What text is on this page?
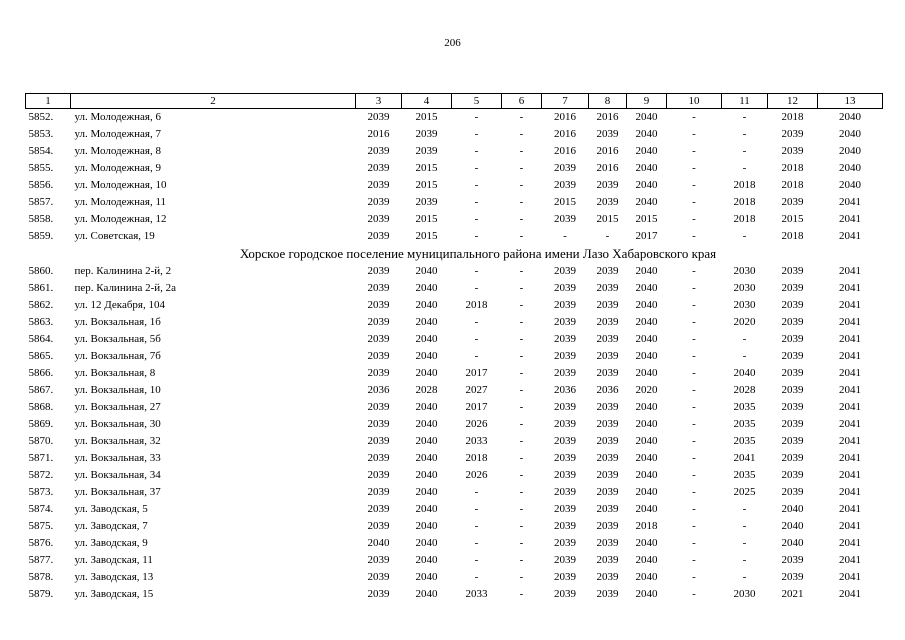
206
1	2	3	4	5	6	7	8	9	10	11	12	13
5852.	ул. Молодежная, 6	2039	2015	-	-	2016	2016	2040	-	-	2018	2040
5853.	ул. Молодежная, 7	2016	2039	-	-	2016	2039	2040	-	-	2039	2040
5854.	ул. Молодежная, 8	2039	2039	-	-	2016	2016	2040	-	-	2039	2040
5855.	ул. Молодежная, 9	2039	2015	-	-	2039	2016	2040	-	-	2018	2040
5856.	ул. Молодежная, 10	2039	2015	-	-	2039	2039	2040	-	2018	2018	2040
5857.	ул. Молодежная, 11	2039	2039	-	-	2015	2039	2040	-	2018	2039	2041
5858.	ул. Молодежная, 12	2039	2015	-	-	2039	2015	2015	-	2018	2015	2041
5859.	ул. Советская, 19	2039	2015	-	-	-	-	2017	-	-	2018	2041
Хорское городское поселение муниципального района имени Лазо Хабаровского края												
5860.	пер. Калинина 2-й, 2	2039	2040	-	-	2039	2039	2040	-	2030	2039	2041
5861.	пер. Калинина 2-й, 2а	2039	2040	-	-	2039	2039	2040	-	2030	2039	2041
5862.	ул. 12 Декабря, 104	2039	2040	2018	-	2039	2039	2040	-	2030	2039	2041
5863.	ул. Вокзальная, 1б	2039	2040	-	-	2039	2039	2040	-	2020	2039	2041
5864.	ул. Вокзальная, 5б	2039	2040	-	-	2039	2039	2040	-	-	2039	2041
5865.	ул. Вокзальная, 7б	2039	2040	-	-	2039	2039	2040	-	-	2039	2041
5866.	ул. Вокзальная, 8	2039	2040	2017	-	2039	2039	2040	-	2040	2039	2041
5867.	ул. Вокзальная, 10	2036	2028	2027	-	2036	2036	2020	-	2028	2039	2041
5868.	ул. Вокзальная, 27	2039	2040	2017	-	2039	2039	2040	-	2035	2039	2041
5869.	ул. Вокзальная, 30	2039	2040	2026	-	2039	2039	2040	-	2035	2039	2041
5870.	ул. Вокзальная, 32	2039	2040	2033	-	2039	2039	2040	-	2035	2039	2041
5871.	ул. Вокзальная, 33	2039	2040	2018	-	2039	2039	2040	-	2041	2039	2041
5872.	ул. Вокзальная, 34	2039	2040	2026	-	2039	2039	2040	-	2035	2039	2041
5873.	ул. Вокзальная, 37	2039	2040	-	-	2039	2039	2040	-	2025	2039	2041
5874.	ул. Заводская, 5	2039	2040	-	-	2039	2039	2040	-	-	2040	2041
5875.	ул. Заводская, 7	2039	2040	-	-	2039	2039	2018	-	-	2040	2041
5876.	ул. Заводская, 9	2040	2040	-	-	2039	2039	2040	-	-	2040	2041
5877.	ул. Заводская, 11	2039	2040	-	-	2039	2039	2040	-	-	2039	2041
5878.	ул. Заводская, 13	2039	2040	-	-	2039	2039	2040	-	-	2039	2041
5879.	ул. Заводская, 15	2039	2040	2033	-	2039	2039	2040	-	2030	2021	2041
